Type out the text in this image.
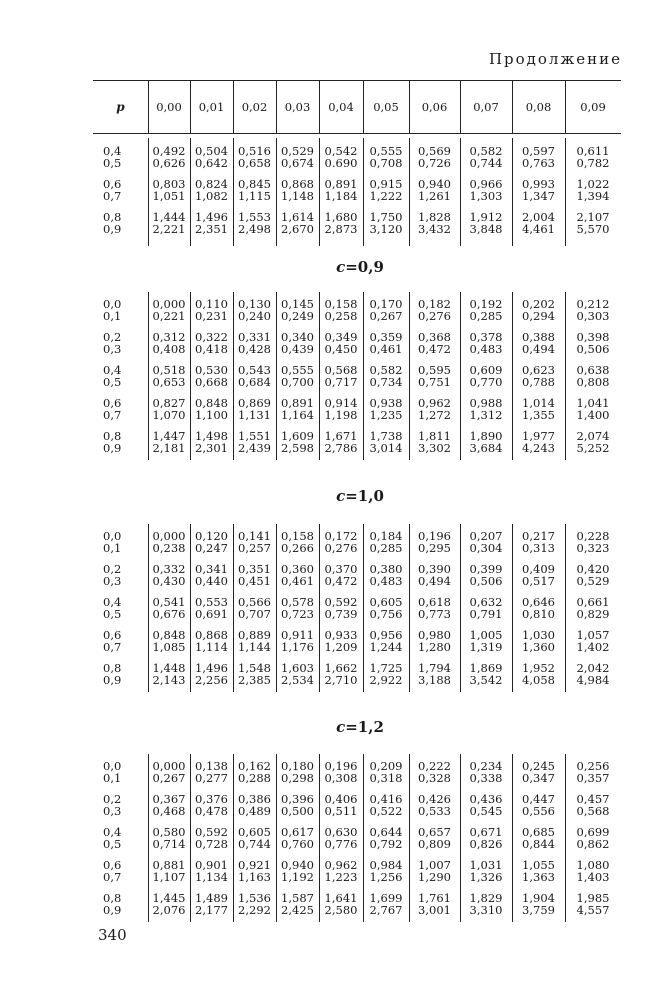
Продолжение
p	0,00	0,01	0,02	0,03	0,04	0,05	0,06	0,07	0,08	0,09
0,4	0,492 0,504 0,516 0,529 0,542	0,555	0,569	0,582	0,597	0,611
0,5	0,626 0,642 0,658 0,674 0.690	0,708	0,726	0,744	0,763	0,782
0,6	0,803 0,824 0,845 0,868 0,891	0,915	0,940	0,966	0,993	1,022
0,7	1,051 1,082 1,115 1,148 1,184	1,222	1,261	1,303	1,347	1,394
0,8	1,444 1,496 1,553 1,614 1,680	1,750	1,828	1,912	2,004	2,107
0,9	2,221 2,351 2,498 2,670 2,873	3,120	3,432	3,848	4,461	5,570
c=0,9
0,0	0,000 0,110 0,130 0,145 0,158	0,170	0,182	0,192	0,202	0,212
0,1	0,221 0,231 0,240 0,249 0,258	0,267	0,276	0,285	0,294	0,303
0,2	0,312 0,322 0,331 0,340 0,349	0,359	0,368	0,378	0,388	0,398
0,3	0,408 0,418 0,428 0,439 0,450	0,461	0,472	0,483	0,494	0,506
0,4	0,518 0,530 0,543 0,555 0,568	0,582	0,595	0,609	0,623	0,638
0,5	0,653 0,668 0,684 0,700 0,717	0,734	0,751	0,770	0,788	0,808
0,6	0,827 0,848 0,869 0,891 0,914	0,938	0,962	0,988	1,014	1,041
0,7	1,070 1,100 1,131 1,164 1,198	1,235	1,272	1,312	1,355	1,400
0,8	1,447 1,498 1,551 1,609 1,671	1,738	1,811	1,890	1,977	2,074
0,9	2,181 2,301 2,439 2,598 2,786	3,014	3,302	3,684	4,243	5,252
c=1,0
0,0	0,000 0,120 0,141 0,158 0,172	0,184	0,196	0,207	0,217	0,228
0,1	0,238 0,247 0,257 0,266 0,276	0,285	0,295	0,304	0,313	0,323
0,2	0,332 0,341 0,351 0,360 0,370	0,380	0,390	0,399	0,409	0,420
0,3	0,430 0,440 0,451 0,461 0,472	0,483	0,494	0,506	0,517	0,529
0,4	0,541 0,553 0,566 0,578 0,592	0,605	0,618	0,632	0,646	0,661
0,5	0,676 0,691 0,707 0,723 0,739	0,756	0,773	0,791	0,810	0,829
0,6	0,848 0,868 0,889 0,911 0,933	0,956	0,980	1,005	1,030	1,057
0,7	1,085 1,114 1,144 1,176 1,209	1,244	1,280	1,319	1,360	1,402
0,8	1,448 1,496 1,548 1,603 1,662	1,725	1,794	1,869	1,952	2,042
0,9	2,143 2,256 2,385 2,534 2,710	2,922	3,188	3,542	4,058	4,984
c=1,2
0,0	0,000 0,138 0,162 0,180 0,196	0,209	0,222	0,234	0,245	0,256
0,1	0,267 0,277 0,288 0,298 0,308	0,318	0,328	0,338	0,347	0,357
0,2	0,367 0,376 0,386 0,396 0,406	0,416	0,426	0,436	0,447	0,457
0,3	0,468 0,478 0,489 0,500 0,511	0,522	0,533	0,545	0,556	0,568
0,4	0,580 0,592 0,605 0,617 0,630	0,644	0,657	0,671	0,685	0,699
0,5	0,714 0,728 0,744 0,760 0,776	0,792	0,809	0,826	0,844	0,862
0,6	0,881 0,901 0,921 0,940 0,962	0,984	1,007	1,031	1,055	1,080
0,7	1,107 1,134 1,163 1,192 1,223	1,256	1,290	1,326	1,363	1,403
0,8	1,445 1,489 1,536 1,587 1,641	1,699	1,761	1,829	1,904	1,985
0,9	2,076 2,177 2,292 2,425 2,580	2,767	3,001	3,310	3,759	4,557
340
